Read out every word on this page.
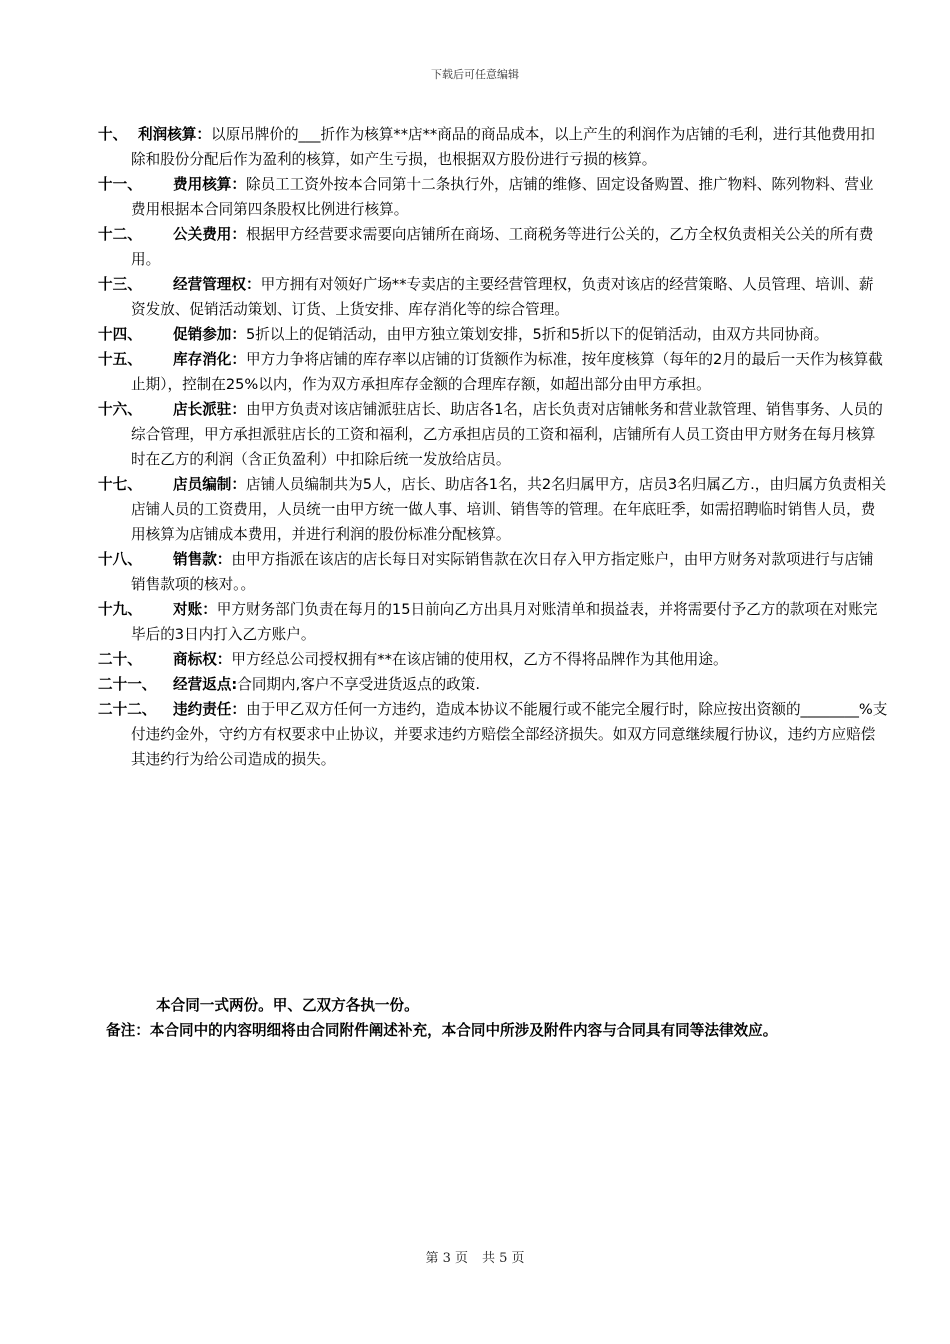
下载后可任意编辑
十、 利润核算：以原吊牌价的___折作为核算**店**商品的商品成本，以上产生的利润作为店铺的毛利，进行其他费用扣除和股份分配后作为盈利的核算，如产生亏损，也根据双方股份进行亏损的核算。
十一、 费用核算：除员工工资外按本合同第十二条执行外，店铺的维修、固定设备购置、推广物料、陈列物料、营业费用根据本合同第四条股权比例进行核算。
十二、 公关费用：根据甲方经营要求需要向店铺所在商场、工商税务等进行公关的，乙方全权负责相关公关的所有费用。
十三、 经营管理权：甲方拥有对领好广场**专卖店的主要经营管理权，负责对该店的经营策略、人员管理、培训、薪资发放、促销活动策划、订货、上货安排、库存消化等的综合管理。
十四、 促销参加：5折以上的促销活动，由甲方独立策划安排，5折和5折以下的促销活动，由双方共同协商。
十五、 库存消化：甲方力争将店铺的库存率以店铺的订货额作为标准，按年度核算（每年的2月的最后一天作为核算截止期），控制在25%以内，作为双方承担库存金额的合理库存额，如超出部分由甲方承担。
十六、 店长派驻：由甲方负责对该店铺派驻店长、助店各1名，店长负责对店铺帐务和营业款管理、销售事务、人员的综合管理，甲方承担派驻店长的工资和福利，乙方承担店员的工资和福利，店铺所有人员工资由甲方财务在每月核算时在乙方的利润（含正负盈利）中扣除后统一发放给店员。
十七、 店员编制：店铺人员编制共为5人，店长、助店各1名，共2名归属甲方，店员3名归属乙方.，由归属方负责相关店铺人员的工资费用，人员统一由甲方统一做人事、培训、销售等的管理。在年底旺季，如需招聘临时销售人员，费用核算为店铺成本费用，并进行利润的股份标准分配核算。
十八、 销售款：由甲方指派在该店的店长每日对实际销售款在次日存入甲方指定账户，由甲方财务对款项进行与店铺销售款项的核对。。
十九、 对账：甲方财务部门负责在每月的15日前向乙方出具月对账清单和损益表，并将需要付予乙方的款项在对账完毕后的3日内打入乙方账户。
二十、 商标权：甲方经总公司授权拥有**在该店铺的使用权，乙方不得将品牌作为其他用途。
二十一、 经营返点:合同期内,客户不享受进货返点的政策.
二十二、 违约责任：由于甲乙双方任何一方违约，造成本协议不能履行或不能完全履行时，除应按出资额的________%支付违约金外，守约方有权要求中止协议，并要求违约方赔偿全部经济损失。如双方同意继续履行协议，违约方应赔偿其违约行为给公司造成的损失。
本合同一式两份。甲、乙双方各执一份。
备注：本合同中的内容明细将由合同附件阐述补充，本合同中所涉及附件内容与合同具有同等法律效应。
第 3 页 共 5 页
